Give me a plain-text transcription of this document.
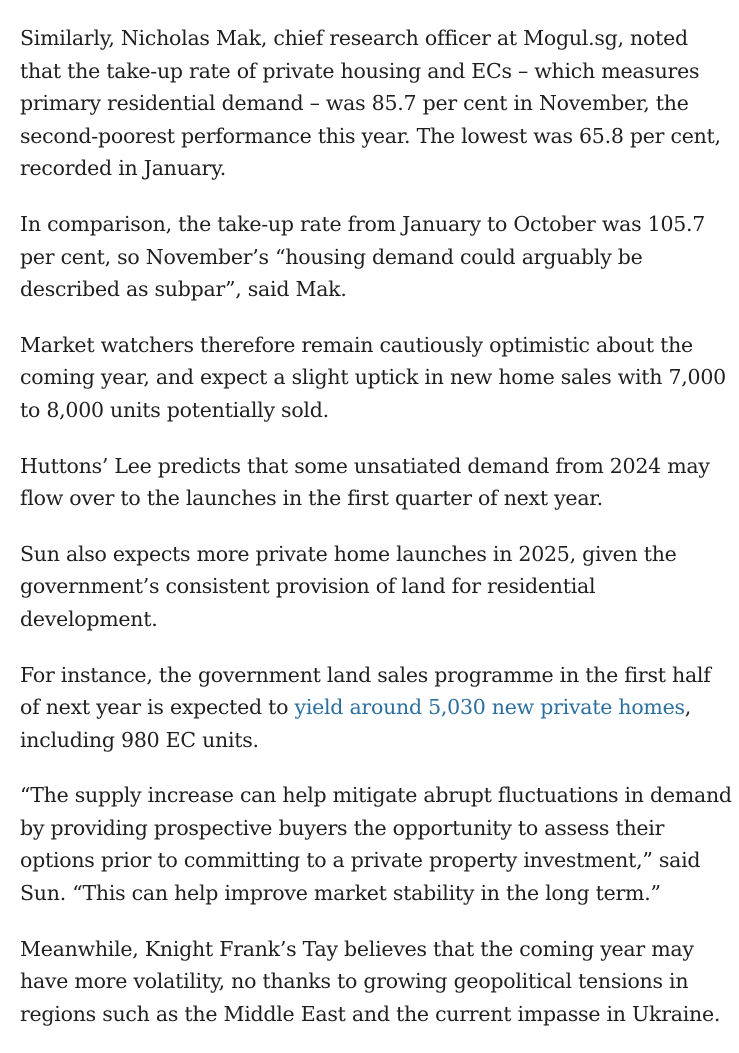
Similarly, Nicholas Mak, chief research officer at Mogul.sg, noted that the take-up rate of private housing and ECs – which measures primary residential demand – was 85.7 per cent in November, the second-poorest performance this year. The lowest was 65.8 per cent, recorded in January.

In comparison, the take-up rate from January to October was 105.7 per cent, so November’s “housing demand could arguably be described as subpar”, said Mak.

Market watchers therefore remain cautiously optimistic about the coming year, and expect a slight uptick in new home sales with 7,000 to 8,000 units potentially sold.

Huttons’ Lee predicts that some unsatiated demand from 2024 may flow over to the launches in the first quarter of next year.

Sun also expects more private home launches in 2025, given the government’s consistent provision of land for residential development.

For instance, the government land sales programme in the first half of next year is expected to yield around 5,030 new private homes, including 980 EC units.

“The supply increase can help mitigate abrupt fluctuations in demand by providing prospective buyers the opportunity to assess their options prior to committing to a private property investment,” said Sun. “This can help improve market stability in the long term.”

Meanwhile, Knight Frank’s Tay believes that the coming year may have more volatility, no thanks to growing geopolitical tensions in regions such as the Middle East and the current impasse in Ukraine.
